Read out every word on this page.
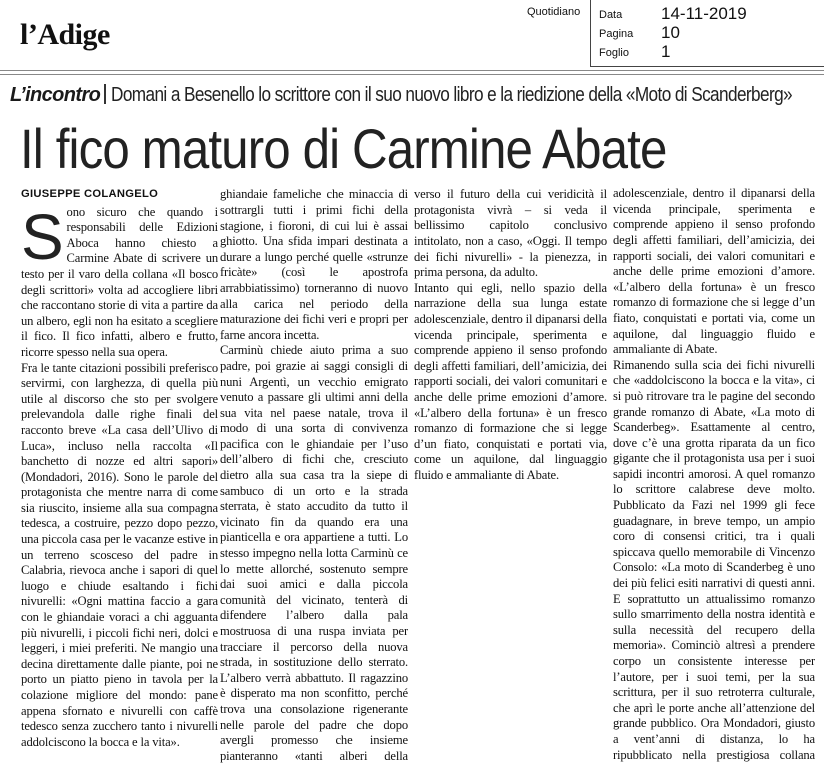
l’Adige
Quotidiano Data 14-11-2019
Pagina 10
Foglio 1
L’incontro Domani a Besenello lo scrittore con il suo nuovo libro e la riedizione della «Moto di Scanderberg»
Il fico maturo di Carmine Abate
GIUSEPPE COLANGELO

Sono sicuro che quando i responsabili delle Edizioni Aboca hanno chiesto a Carmine Abate di scrivere un testo per il varo della collana «Il bosco degli scrittori» volta ad accogliere libri che raccontano storie di vita a partire da un albero, egli non ha esitato a scegliere il fico. Il fico infatti, albero e frutto, ricorre spesso nella sua opera.

Fra le tante citazioni possibili preferisco servirmi, con larghezza, di quella più utile al discorso che sto per svolgere prelevandola dalle righe finali del racconto breve «La casa dell’Ulivo di Luca», incluso nella raccolta «Il banchetto di nozze ed altri sapori» (Mondadori, 2016). Sono le parole del protagonista che mentre narra di come sia riuscito, insieme alla sua compagna tedesca, a costruire, pezzo dopo pezzo, una piccola casa per le vacanze estive in un terreno scosceso del padre in Calabria, rievoca anche i sapori di quel luogo e chiude esaltando i fichi nivurelli: «Ogni mattina faccio a gara con le ghiandaie voraci a chi agguanta più nivurelli, i piccoli fichi neri, dolci e leggeri, i miei preferiti. Ne mangio una decina direttamente dalle piante, poi ne porto un piatto pieno in tavola per la colazione migliore del mondo: pane appena sfornato e nivurelli con caffè tedesco senza zucchero tanto i nivurelli addolciscono la bocca e la vita».

ghiandaie fameliche che minaccia di sottrargli tutti i primi fichi della stagione, i fioroni, di cui lui è assai ghiotto. Una sfida impari destinata a durare a lungo perché quelle «strunze fricàte» (così le apostrofa arrabbiatissimo) torneranno di nuovo alla carica nel periodo della maturazione dei fichi veri e propri per farne ancora incetta.

Carminù chiede aiuto prima a suo padre, poi grazie ai saggi consigli di nuni Argentì, un vecchio emigrato venuto a passare gli ultimi anni della sua vita nel paese natale, trova il modo di una sorta di convivenza pacifica con le ghiandaie per l’uso dell’albero di fichi che, cresciuto dietro alla sua casa tra la siepe di sambuco di un orto e la strada sterrata, è stato accudito da tutto il vicinato fin da quando era una pianticella e ora appartiene a tutti. Lo stesso impegno nella lotta Carminù ce lo mette allorché, sostenuto sempre dai suoi amici e dalla piccola comunità del vicinato, tenterà di difendere l’albero dalla pala mostruosa di una ruspa inviata per tracciare il percorso della nuova strada, in sostituzione dello sterrato. L’albero verrà abbattuto. Il ragazzino è disperato ma non sconfitto, perché trova una consolazione rigenerante nelle parole del padre che dopo avergli promesso che insieme pianteranno «tanti alberi della

verso il futuro della cui veridicità il protagonista vivrà – si veda il bellissimo capitolo conclusivo intitolato, non a caso, «Oggi. Il tempo dei fichi nivurelli» - la pienezza, in prima persona, da adulto.

Intanto qui egli, nello spazio della narrazione della sua lunga estate adolescenziale, dentro il dipanarsi della vicenda principale, sperimenta e comprende appieno il senso profondo degli affetti familiari, dell’amicizia, dei rapporti sociali, dei valori comunitari e anche delle prime emozioni d’amore. «L’albero della fortuna» è un fresco romanzo di formazione che si legge d’un fiato, conquistati e portati via, come un aquilone, dal linguaggio fluido e ammaliante di Abate.

adolescenziale, dentro il dipanarsi della vicenda principale, sperimenta e comprende appieno il senso profondo degli affetti familiari, dell’amicizia, dei rapporti sociali, dei valori comunitari e anche delle prime emozioni d’amore. «L’albero della fortuna» è un fresco romanzo di formazione che si legge d’un fiato, conquistati e portati via, come un aquilone, dal linguaggio fluido e ammaliante di Abate.

Rimanendo sulla scia dei fichi nivurelli che «addolciscono la bocca e la vita», ci si può ritrovare tra le pagine del secondo grande romanzo di Abate, «La moto di Scanderbeg». Esattamente al centro, dove c’è una grotta riparata da un fico gigante che il protagonista usa per i suoi sapidi incontri amorosi. A quel romanzo lo scrittore calabrese deve molto. Pubblicato da Fazi nel 1999 gli fece guadagnare, in breve tempo, un ampio coro di consensi critici, tra i quali spiccava quello memorabile di Vincenzo Consolo: «La moto di Scanderbeg è uno dei più felici esiti narrativi di questi anni. E soprattutto un attualissimo romanzo sullo smarrimento della nostra identità e sulla necessità del recupero della memoria». Cominciò altresì a prendere corpo un consistente interesse per l’autore, per i suoi temi, per la sua scrittura, per il suo retroterra culturale, che aprì le porte anche all’attenzione del grande pubblico. Ora Mondadori, giusto a vent’anni di distanza, lo ha ripubblicato nella prestigiosa collana
